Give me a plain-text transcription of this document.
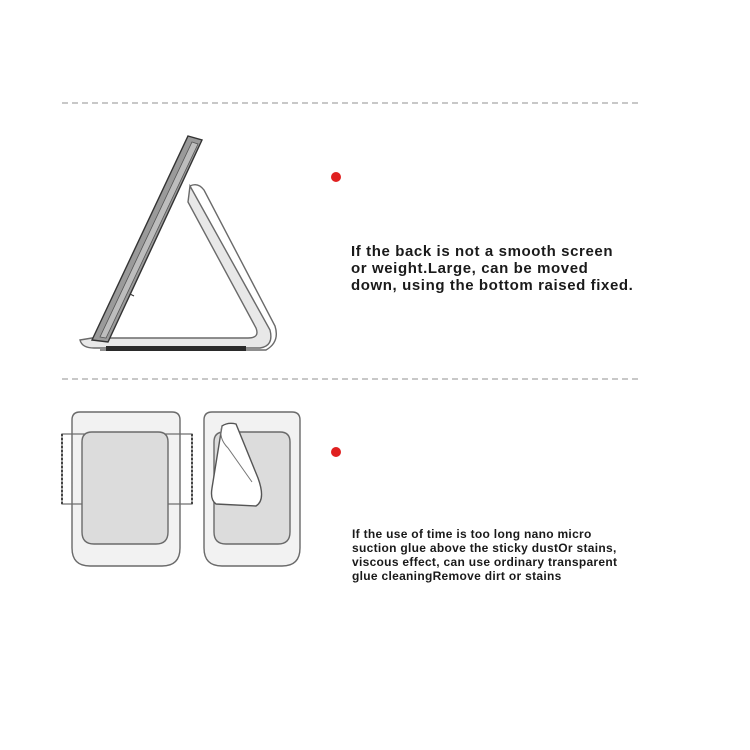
If the back is not a smooth screen
or weight.Large, can be moved
down, using the bottom raised fixed.
If the use of time is too long nano micro
suction glue above the sticky dustOr stains,
viscous effect, can use ordinary transparent
glue cleaningRemove dirt or stains
